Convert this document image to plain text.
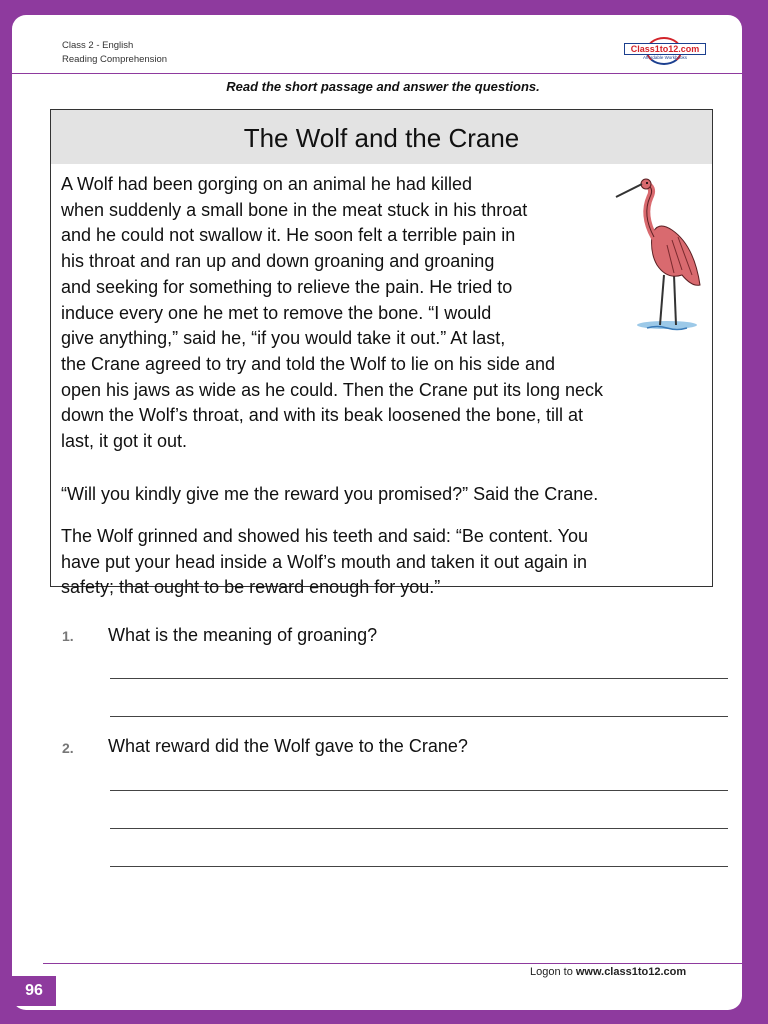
Class 2 - English
Reading Comprehension
Class1to12.com
Affordable Workbooks
Read the short passage and answer the questions.
The Wolf and the Crane
A Wolf had been gorging on an animal he had killed
when suddenly a small bone in the meat stuck in his throat
and he could not swallow it. He soon felt a terrible pain in
his throat and ran up and down groaning and groaning
and seeking for something to relieve the pain. He tried to
induce every one he met to remove the bone. “I would
give anything,” said he, “if you would take it out.” At last,
the Crane agreed to try and told the Wolf to lie on his side and
open his jaws as wide as he could. Then the Crane put its long neck
down the Wolf’s throat, and with its beak loosened the bone, till at
last, it got it out.
“Will you kindly give me the reward you promised?” Said the Crane.
The Wolf grinned and showed his teeth and said: “Be content. You
have put your head inside a Wolf’s mouth and taken it out again in
safety; that ought to be reward enough for you.”
1. What is the meaning of groaning?
2. What reward did the Wolf gave to the Crane?
96
Logon to www.class1to12.com
